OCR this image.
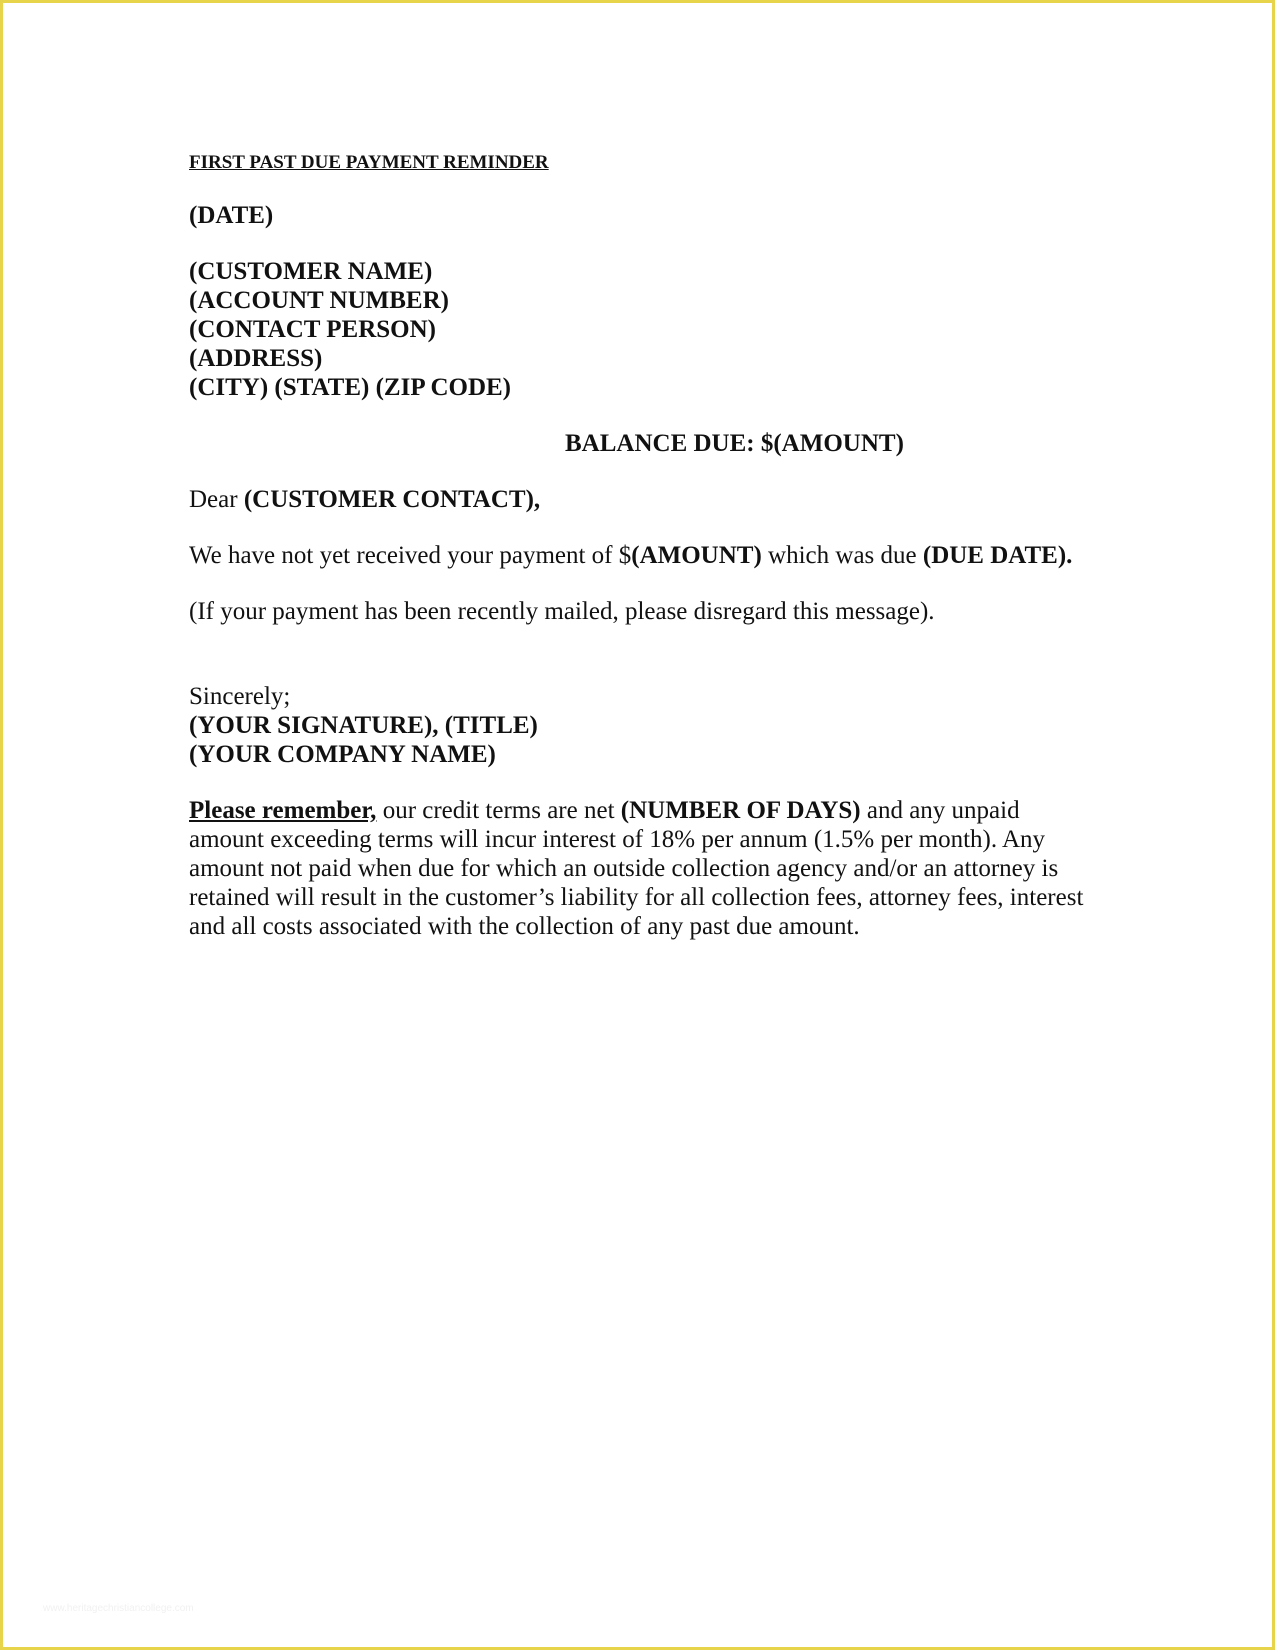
FIRST PAST DUE PAYMENT REMINDER
(DATE)
(CUSTOMER NAME)
(ACCOUNT NUMBER)
(CONTACT PERSON)
(ADDRESS)
(CITY) (STATE) (ZIP CODE)
BALANCE DUE: $(AMOUNT)
Dear (CUSTOMER CONTACT),
We have not yet received your payment of $(AMOUNT) which was due (DUE DATE).
(If your payment has been recently mailed, please disregard this message).
Sincerely;
(YOUR SIGNATURE), (TITLE)
(YOUR COMPANY NAME)
Please remember, our credit terms are net (NUMBER OF DAYS) and any unpaid
amount exceeding terms will incur interest of 18% per annum (1.5% per month). Any
amount not paid when due for which an outside collection agency and/or an attorney is
retained will result in the customer’s liability for all collection fees, attorney fees, interest
and all costs associated with the collection of any past due amount.
www.heritagechristiancollege.com
